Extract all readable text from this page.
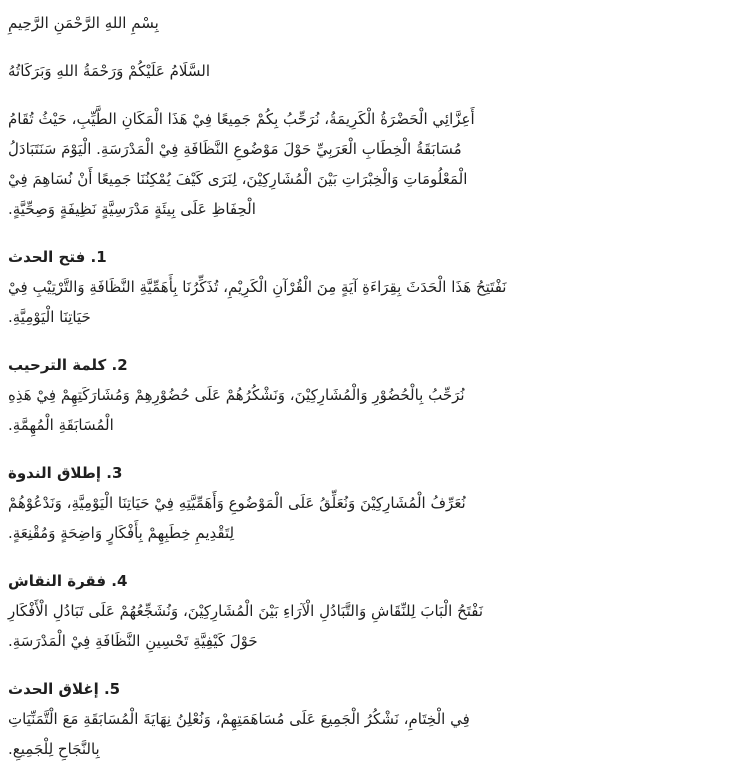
بِسْمِ اللهِ الرَّحْمَنِ الرَّحِيمِ

السَّلَامُ عَلَيْكُمْ وَرَحْمَةُ اللهِ وَبَرَكَاتُهُ

أَعِزَّائِي الْحَضْرَةُ الْكَرِيمَةُ، نُرَحِّبُ بِكُمْ جَمِيعًا فِيْ هَذَا الْمَكَانِ الطَّيِّبِ، حَيْثُ تُقَامُ مُسَابَقَةُ الْخِطَابِ الْعَرَبِيِّ حَوْلَ مَوْضُوعِ النَّظَافَةِ فِيْ الْمَدْرَسَةِ. الْيَوْمَ سَنَتَبَادَلُ الْمَعْلُومَاتِ وَالْخِبْرَاتِ بَيْنَ الْمُشَارِكِيْنَ، لِنَرَى كَيْفَ يُمْكِنُنَا جَمِيعًا أَنْ نُسَاهِمَ فِيْ الْحِفَاظِ عَلَى بِيئَةٍ مَدْرَسِيَّةٍ نَظِيفَةٍ وَصِحِّيَّةٍ.

1. فتح الحدث

نَفْتَتِحُ هَذَا الْحَدَثَ بِقِرَاءَةِ آيَةٍ مِنَ الْقُرْآنِ الْكَرِيْمِ، تُذَكِّرُنَا بِأَهَمِّيَّةِ النَّظَافَةِ وَالتَّرْتِيْبِ فِيْ حَيَاتِنَا الْيَوْمِيَّةِ.

2. كلمة الترحيب

نُرَحِّبُ بِالْحُضُوْرِ وَالْمُشَارِكِيْنَ، وَنَشْكُرُهُمْ عَلَى حُضُوْرِهِمْ وَمُشَارَكَتِهِمْ فِيْ هَذِهِ الْمُسَابَقَةِ الْمُهِمَّةِ.

3. إطلاق الندوة

نُعَرِّفُ الْمُشَارِكِيْنَ وَنُعَلِّقُ عَلَى الْمَوْضُوعِ وَأَهَمِّيَّتِهِ فِيْ حَيَاتِنَا الْيَوْمِيَّةِ، وَنَدْعُوْهُمْ لِتَقْدِيمِ خِطَبِهِمْ بِأَفْكَارٍ وَاضِحَةٍ وَمُقْنِعَةٍ.

4. فقرة النقاش

نَفْتَحُ الْبَابَ لِلنِّقَاشِ وَالتَّبَادُلِ الْآرَاءِ بَيْنَ الْمُشَارِكِيْنَ، وَنُشَجِّعُهُمْ عَلَى تَبَادُلِ الْأَفْكَارِ حَوْلَ كَيْفِيَّةِ تَحْسِينِ النَّظَافَةِ فِيْ الْمَدْرَسَةِ.

5. إغلاق الحدث

فِي الْخِتَامِ، نَشْكُرُ الْجَمِيعَ عَلَى مُسَاهَمَتِهِمْ، وَنُعْلِنُ نِهَايَةَ الْمُسَابَقَةِ مَعَ الْتَّمَنِّيَاتِ بِالنَّجَاحِ لِلْجَمِيعِ.
